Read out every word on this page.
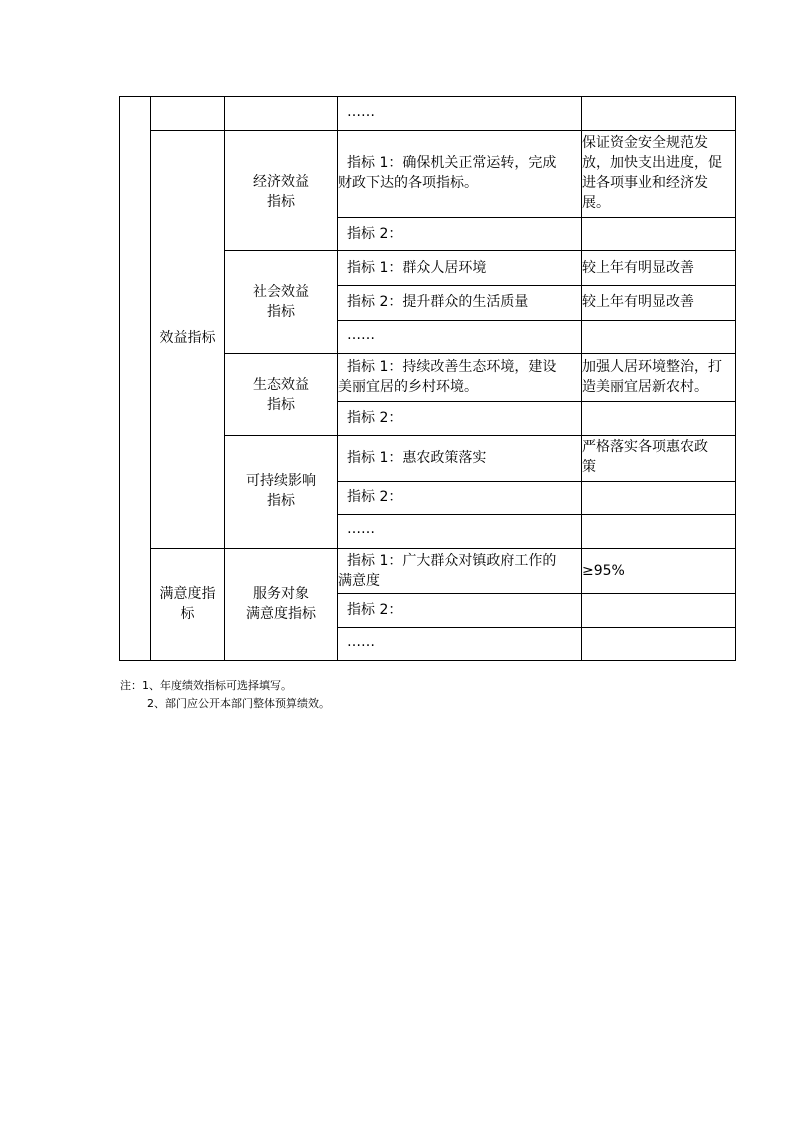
效益指标
满意度指
标
经济效益
指标
社会效益
指标
生态效益
指标
可持续影响
指标
服务对象
满意度指标
……
指标 1：确保机关正常运转，完成
财政下达的各项指标。
指标 2：
指标 1：群众人居环境
指标 2：提升群众的生活质量
……
指标 1：持续改善生态环境，建设
美丽宜居的乡村环境。
指标 2：
指标 1：惠农政策落实
指标 2：
……
指标 1：广大群众对镇政府工作的
满意度
指标 2：
……
保证资金安全规范发
放，加快支出进度，促
进各项事业和经济发
展。
较上年有明显改善
较上年有明显改善
加强人居环境整治，打
造美丽宜居新农村。
严格落实各项惠农政
策
≥95%
注：1、年度绩效指标可选择填写。
2、部门应公开本部门整体预算绩效。
